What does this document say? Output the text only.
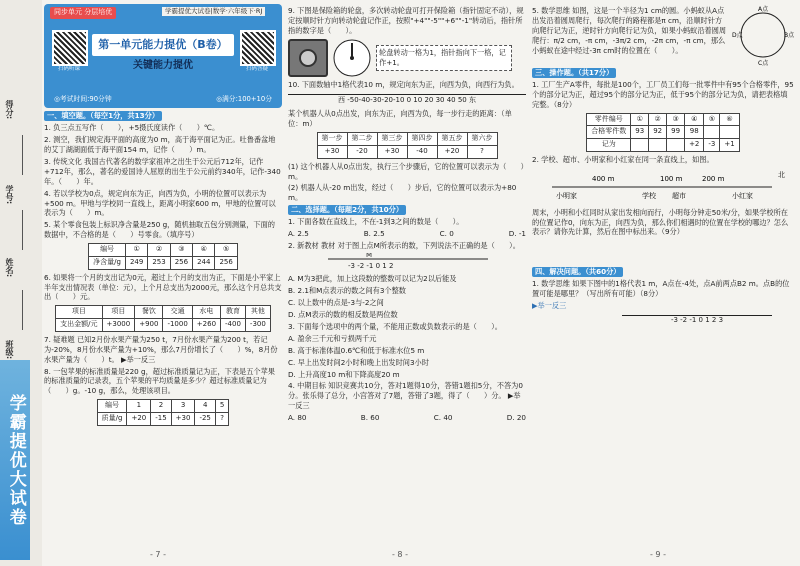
得分:
学号:
姓名:
班级:
学霸提优大试卷
同步单元 分层培优	学霸提优大试卷|数学·六年级下·RJ
扫码听课
第一单元能力提优（B卷）
关键能力提优	扫码答疑
◎考试时间:90分钟	◎满分:100+10分
一、填空题。（每空1分，共13分）
1. 负三点五写作（　　），+5摄氏度读作（　　）℃。
2. 测空，我们规定海平面的高度为0 m，高于海平面记为正。吐鲁番盆地的艾丁湖湖面低于海平面154 m，记作（　　）m。
3. 传统文化 我国古代著名的数学家祖冲之出生于公元后712年，记作+712年，那么，著名的爱国诗人屈原的出生于公元前约340年，记作-340年。（　　）年。
4. 若以学校为0点，规定向东为正，向西为负，小明的位置可以表示为+500 m。甲地与学校同一直线上，距离小明家600 m，甲地的位置可以表示为（　　）m。
5. 某个零食包装上标识净含量是250 g，随机抽取五包分别测量，下面的数据中，不合格的是（　　）号零食。（填序号）
编号	①	②	③	④	⑤
净含量/g	249	253	256	244	256
6. 如果将一个月的支出记为0元，超过上个月的支出为正，下面是小平家上半年支出情况表（单位：元），上个月总支出为2000元，那么这个月总共支出（　　）元。
项目	项目	餐饮	交通	水电	教育	其他
支出金额/元	+3000	+900	-1000	+260	-400	-300
7. 疑难题 已知2月份水果产量为250 t，7月份水果产量为200 t，若记为-20%，8月份水果产量为+10%，那么7月份增长了（　　）%，8月份水果产量为（　　）t。 ▶举一反三
8. 一包苹果的标准质量是220 g，超过标准质量记为正，下表是五个苹果的标准质量的记录表，五个苹果的平均质量是多少？超过标准质量记为（　　）g。-10 g，那么，处理该项目。
编号	1	2	3	4	5
质量/g	+20	-15	+30	-25	?
- 7 -
9. 下图是保险箱的轮盘，多次转动轮盘可打开保险箱（指针固定不动），规定按顺时针方向转动轮盘记作正，按照"+4""-5""+6""-1"转动后，指针所指的数字是（　　）。
轮盘转动一格为1，指针指向下一格，记作+1。
10. 下面数轴中1格代表10 m，规定向东为正，向西为负，向西行为负。
西 -50-40-30-20-10 0 10 20 30 40 50 东
某个机器人从0点出发，向东为正，向西为负，每一步行走的距离：（单位：m）
第一步	第二步	第三步	第四步	第五步	第六步
+30	-20	+30	-40	+20	?
(1) 这个机器人从0点出发，执行三个步骤后，它的位置可以表示为（　　）m。
(2) 机器人从-20 m出发，经过（　　）步后，它的位置可以表示为+80 m。
二、选择题。（每题2分，共10分）
1. 下面各数在直线上，不在-1到3之间的数是（　　）。
A. 2.5	B. 2.5	C. 0	D. -1
2. 新教材 教材 对于图上点M所表示的数，下列说法不正确的是（　　）。
-3 -2 -1 0 1 2
M
A. M为3把此，加上这段数的整数可以记为2以后能及
B. 2.1和M点表示的数之间有3个整数
C. 以上数中的点是-3与-2之间
D. 点M表示的数的相反数是两位数
3. 下面每个选项中的两个量，不能用正数或负数表示的是（　　）。
A. 盈余三千元和亏损两千元
B. 高于标准体温0.6℃和低于标准水位5 m
C. 早上出发时间2小时和晚上出发时间3小时
D. 上升高度10 m和下降高度20 m
4. 中期目标 知识竞赛共10分，答对1题得10分，答错1题扣5分，不答为0分。张乐得了总分，小宫答对了7题，答错了3题，得了（　　）分。 ▶举一反三
A. 80	B. 60	C. 40	D. 20
- 8 -
5. 数学思维 如图，这是一个半径为1 cm的圆。小蚂蚁从A点出发沿着圆周爬行，每次爬行的路程都是π cm，沿顺时针方向爬行记为正，逆时针方向爬行记为负，如果小蚂蚁沿着圆周爬行：π/2 cm，-π cm，-3π/2 cm，-2π cm，-π cm，那么小蚂蚁在途中经过-3π cm时的位置在（　　）。
A点
B点
C点
D点
三、操作题。（共17分）
1. 工厂生产A零件，每批是100个，工厂员工们每一批零件中有95个合格零件，95个的部分记为正，超过95个的部分记为正，低于95个的部分记为负，请把表格填完整。（8分）
零件编号	①	②	③	④	⑤	⑥
合格零件数	93	92	99	98		
记为				+2	-3	+1
2. 学校、超市、小明家和小红家在同一条直线上，如图。
400 m	100 m	200 m	北
小明家	学校 超市	小红家
周末，小明和小红同时从家出发相向而行，小明每分钟走50米/分，如果学校所在的位置记作0，向东为正，向西为负，那么你们相遇时的位置在学校的哪边？怎么表示？请你先计算，然后在图中标出来。（9分）
四、解决问题。（共60分）
1. 数学思维 如果下图中的1格代表1 m，A点在-4处，点A前两点B2 m。点B的位置可能是哪里？（写出所有可能）（8分）
▶举一反三
-3 -2 -1 0 1 2 3
- 9 -
